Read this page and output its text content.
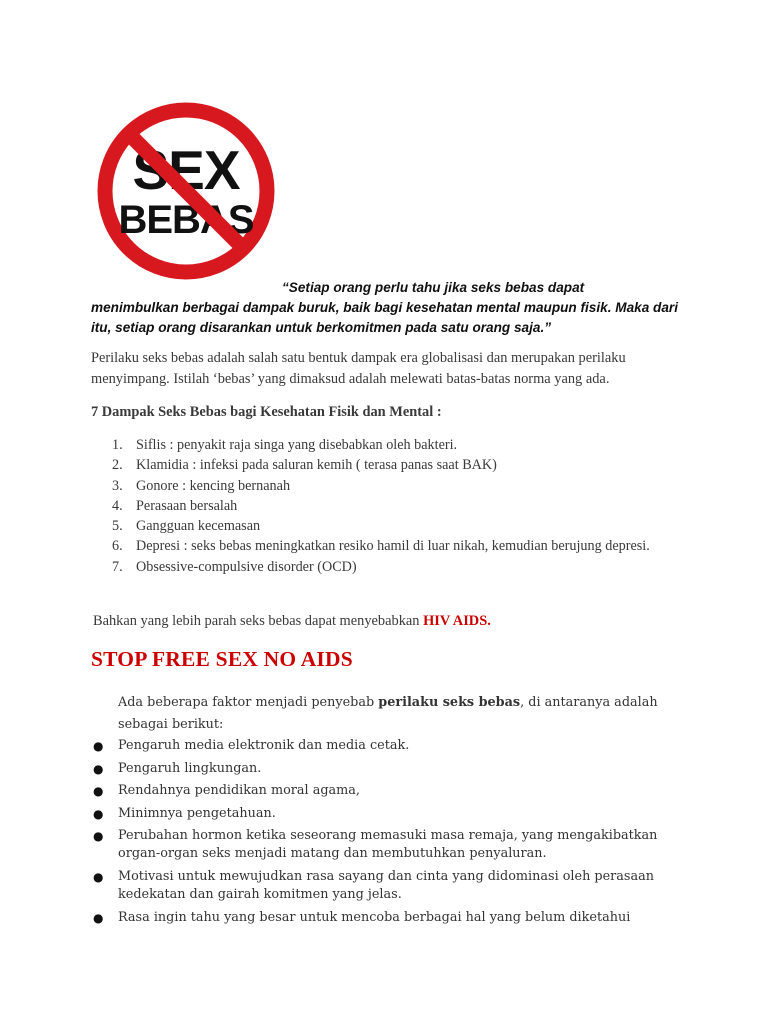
SEX
BEBAS

“Setiap orang perlu tahu jika seks bebas dapat
menimbulkan berbagai dampak buruk, baik bagi kesehatan mental maupun fisik. Maka dari itu, setiap orang disarankan untuk berkomitmen pada satu orang saja.”

Perilaku seks bebas adalah salah satu bentuk dampak era globalisasi dan merupakan perilaku menyimpang. Istilah ‘bebas’ yang dimaksud adalah melewati batas-batas norma yang ada.

7 Dampak Seks Bebas bagi Kesehatan Fisik dan Mental :
1. Siflis : penyakit raja singa yang disebabkan oleh bakteri.
2. Klamidia : infeksi pada saluran kemih ( terasa panas saat BAK)
3. Gonore : kencing bernanah
4. Perasaan bersalah
5. Gangguan kecemasan
6. Depresi : seks bebas meningkatkan resiko hamil di luar nikah, kemudian berujung depresi.
7. Obsessive-compulsive disorder (OCD)

Bahkan yang lebih parah seks bebas dapat menyebabkan HIV AIDS.

STOP FREE SEX NO AIDS

Ada beberapa faktor menjadi penyebab perilaku seks bebas, di antaranya adalah sebagai berikut:

● Pengaruh media elektronik dan media cetak.
● Pengaruh lingkungan.
● Rendahnya pendidikan moral agama,
● Minimnya pengetahuan.
● Perubahan hormon ketika seseorang memasuki masa remaja, yang mengakibatkan organ-organ seks menjadi matang dan membutuhkan penyaluran.
● Motivasi untuk mewujudkan rasa sayang dan cinta yang didominasi oleh perasaan kedekatan dan gairah komitmen yang jelas.
● Rasa ingin tahu yang besar untuk mencoba berbagai hal yang belum diketahui
